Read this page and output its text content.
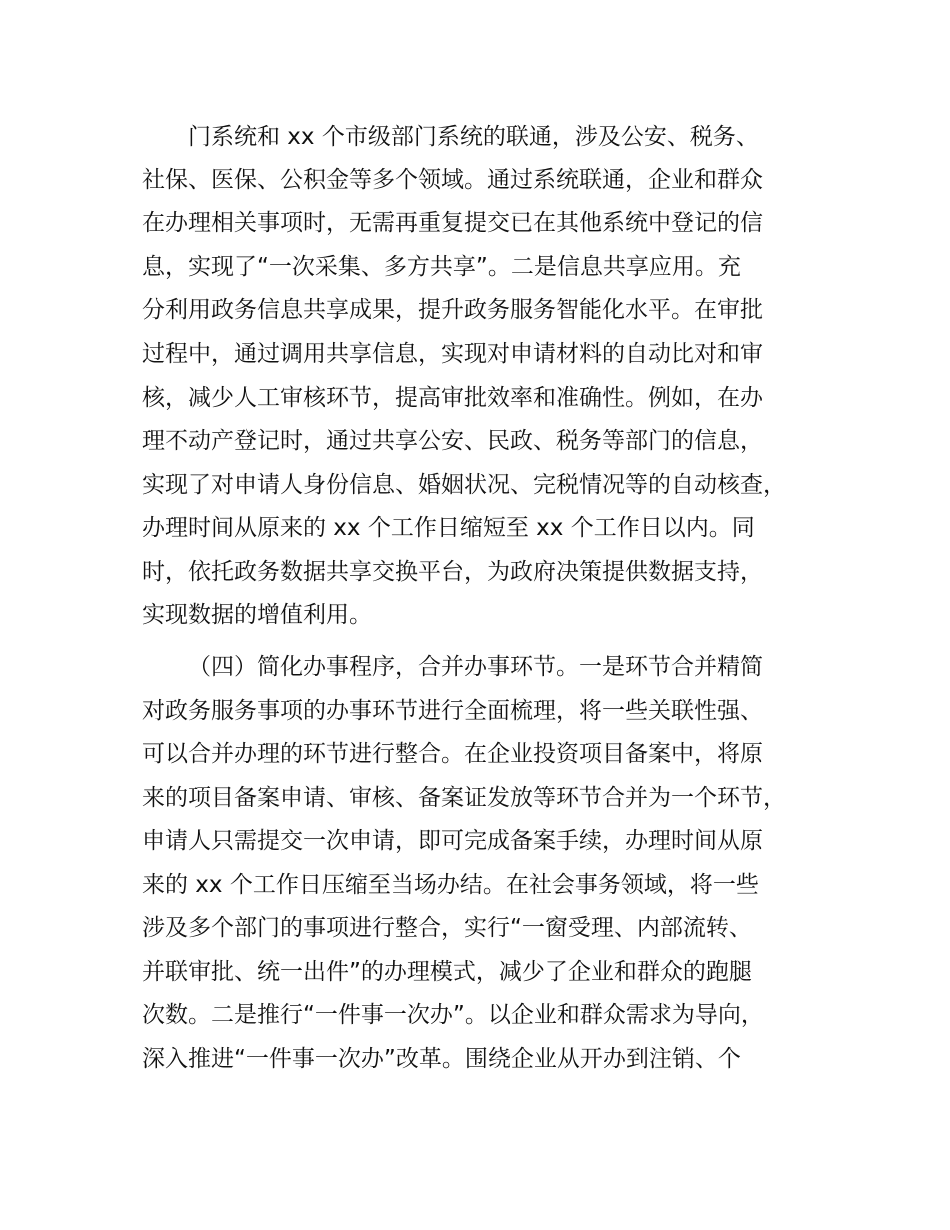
门系统和 xx 个市级部门系统的联通，涉及公安、税务、

社保、医保、公积金等多个领域。通过系统联通，企业和群众

在办理相关事项时，无需再重复提交已在其他系统中登记的信

息，实现了“一次采集、多方共享”。二是信息共享应用。充

分利用政务信息共享成果，提升政务服务智能化水平。在审批

过程中，通过调用共享信息，实现对申请材料的自动比对和审

核，减少人工审核环节，提高审批效率和准确性。例如，在办

理不动产登记时，通过共享公安、民政、税务等部门的信息，

实现了对申请人身份信息、婚姻状况、完税情况等的自动核查，

办理时间从原来的 xx 个工作日缩短至 xx 个工作日以内。同

时，依托政务数据共享交换平台，为政府决策提供数据支持，

实现数据的增值利用。

（四）简化办事程序，合并办事环节。一是环节合并精简

对政务服务事项的办事环节进行全面梳理，将一些关联性强、

可以合并办理的环节进行整合。在企业投资项目备案中，将原

来的项目备案申请、审核、备案证发放等环节合并为一个环节，

申请人只需提交一次申请，即可完成备案手续，办理时间从原

来的 xx 个工作日压缩至当场办结。在社会事务领域，将一些

涉及多个部门的事项进行整合，实行“一窗受理、内部流转、

并联审批、统一出件”的办理模式，减少了企业和群众的跑腿

次数。二是推行“一件事一次办”。以企业和群众需求为导向，

深入推进“一件事一次办”改革。围绕企业从开办到注销、个
